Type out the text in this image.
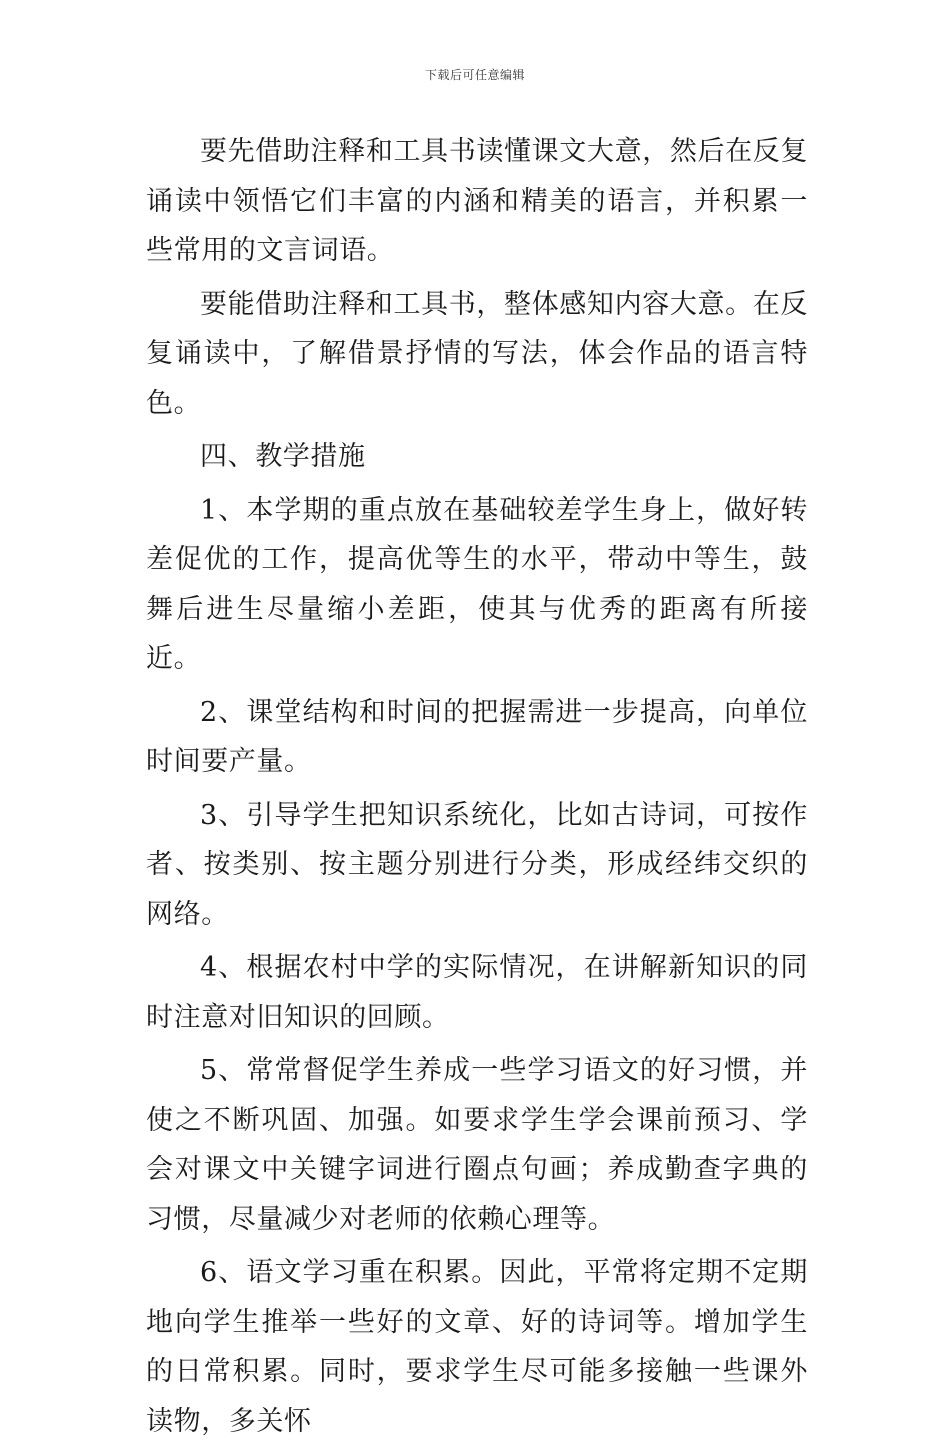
下载后可任意编辑

要先借助注释和工具书读懂课文大意，然后在反复诵读中领悟它们丰富的内涵和精美的语言，并积累一些常用的文言词语。

要能借助注释和工具书，整体感知内容大意。在反复诵读中，了解借景抒情的写法，体会作品的语言特色。

四、教学措施

1、本学期的重点放在基础较差学生身上，做好转差促优的工作，提高优等生的水平，带动中等生，鼓舞后进生尽量缩小差距，使其与优秀的距离有所接近。

2、课堂结构和时间的把握需进一步提高，向单位时间要产量。

3、引导学生把知识系统化，比如古诗词，可按作者、按类别、按主题分别进行分类，形成经纬交织的网络。

4、根据农村中学的实际情况，在讲解新知识的同时注意对旧知识的回顾。

5、常常督促学生养成一些学习语文的好习惯，并使之不断巩固、加强。如要求学生学会课前预习、学会对课文中关键字词进行圈点句画；养成勤查字典的习惯，尽量减少对老师的依赖心理等。

6、语文学习重在积累。因此，平常将定期不定期地向学生推举一些好的文章、好的诗词等。增加学生的日常积累。同时，要求学生尽可能多接触一些课外读物，多关怀
